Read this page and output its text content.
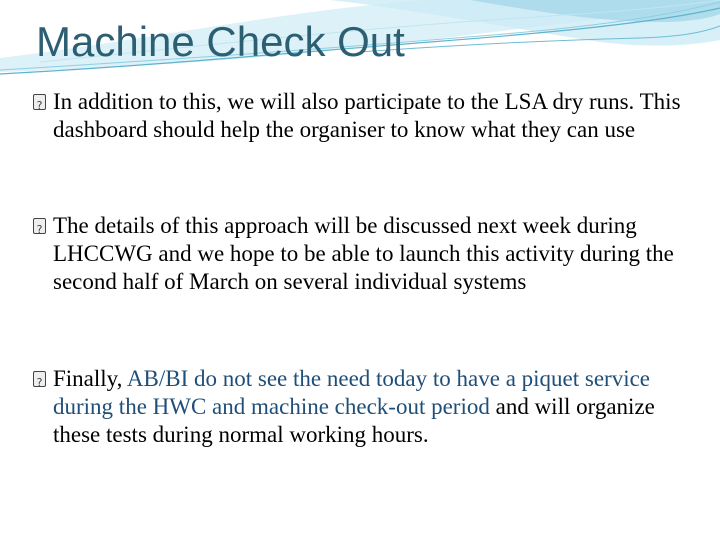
Machine Check Out
?
In addition to this, we will also participate to the LSA dry runs. This dashboard should help the organiser to know what they can use
?
The details of this approach will be discussed next week during LHCCWG and we hope to be able to launch this activity during the second half of March on several individual systems
?
Finally, AB/BI do not see the need today to have a piquet service during the HWC and machine check-out period and will organize these tests during normal working hours.
